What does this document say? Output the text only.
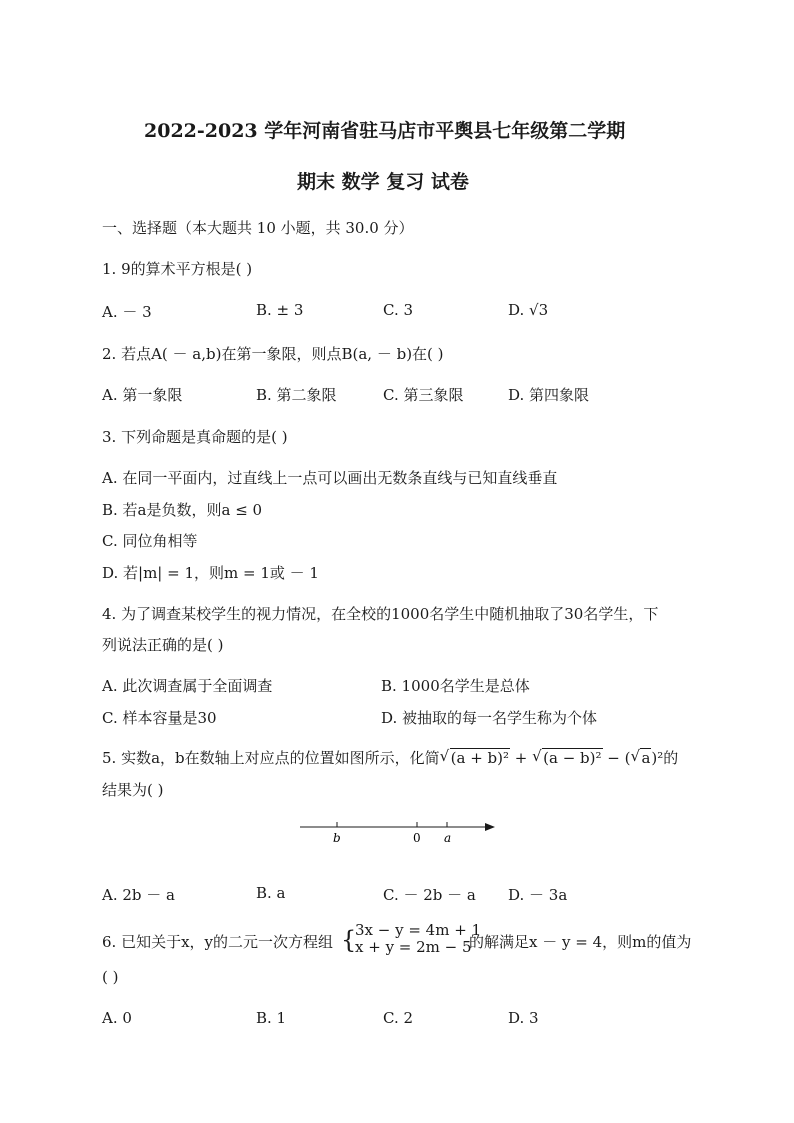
2022-2023 学年河南省驻马店市平舆县七年级第二学期
期末 数学 复习 试卷
一、选择题（本大题共 10 小题，共 30.0 分）
1. 9的算术平方根是( )
A. － 3	B. ± 3	C. 3	D. √3
2. 若点A( － a,b)在第一象限，则点B(a, － b)在( )
A. 第一象限	B. 第二象限	C. 第三象限	D. 第四象限
3. 下列命题是真命题的是( )
A. 在同一平面内，过直线上一点可以画出无数条直线与已知直线垂直
B. 若a是负数，则a ≤ 0
C. 同位角相等
D. 若|m| = 1，则m = 1或 － 1
4. 为了调查某校学生的视力情况，在全校的1000名学生中随机抽取了30名学生，下
列说法正确的是( )
A. 此次调查属于全面调查	B. 1000名学生是总体
C. 样本容量是30	D. 被抽取的每一名学生称为个体
5. 实数a，b在数轴上对应点的位置如图所示，化简 √ (a + b)² + √ (a − b)² − ( √ a)²的
结果为( )
b	0 a
A. 2b － a	B. a	C. － 2b － a D. － 3a
6. 已知关于x，y的二元一次方程组 {
3x − y = 4m + 1
x + y = 2m − 5
的解满足x － y = 4，则m的值为
( )
A. 0	B. 1	C. 2	D. 3
